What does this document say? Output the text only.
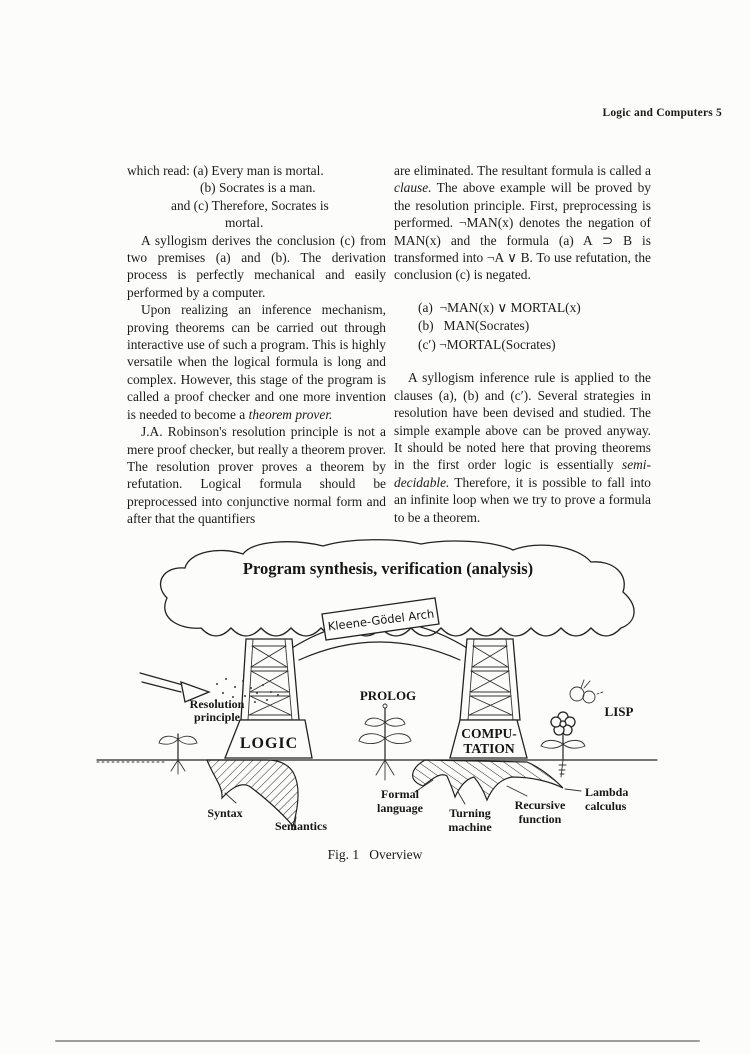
Logic and Computers 5
which read: (a) Every man is mortal.
(b) Socrates is a man.
and (c) Therefore, Socrates is
mortal.

A syllogism derives the conclusion (c) from two premises (a) and (b). The derivation process is perfectly mechanical and easily performed by a computer.

Upon realizing an inference mechanism, proving theorems can be carried out through interactive use of such a program. This is highly versatile when the logical formula is long and complex. However, this stage of the program is called a proof checker and one more invention is needed to become a theorem prover.

J.A. Robinson's resolution principle is not a mere proof checker, but really a theorem prover. The resolution prover proves a theorem by refutation. Logical formula should be preprocessed into conjunctive normal form and after that the quantifiers

are eliminated. The resultant formula is called a clause. The above example will be proved by the resolution principle. First, preprocessing is performed. ¬MAN(x) denotes the negation of MAN(x) and the formula (a) A ⊃ B is transformed into ¬A ∨ B. To use refutation, the conclusion (c) is negated.

(a)  ¬MAN(x) ∨ MORTAL(x)
(b)   MAN(Socrates)
(c′) ¬MORTAL(Socrates)

A syllogism inference rule is applied to the clauses (a), (b) and (c′). Several strategies in resolution have been devised and studied. The simple example above can be proved anyway. It should be noted here that proving theorems in the first order logic is essentially semi-decidable. Therefore, it is possible to fall into an infinite loop when we try to prove a formula to be a theorem.

Program synthesis, verification (analysis)
Kleene-Gödel Arch
LOGIC
COMPU-
TATION
Resolution
principle
PROLOG
LISP
Syntax
Semantics
Formal
language Turning
machine
Recursive
function
Lambda
calculus
Fig. 1   Overview
